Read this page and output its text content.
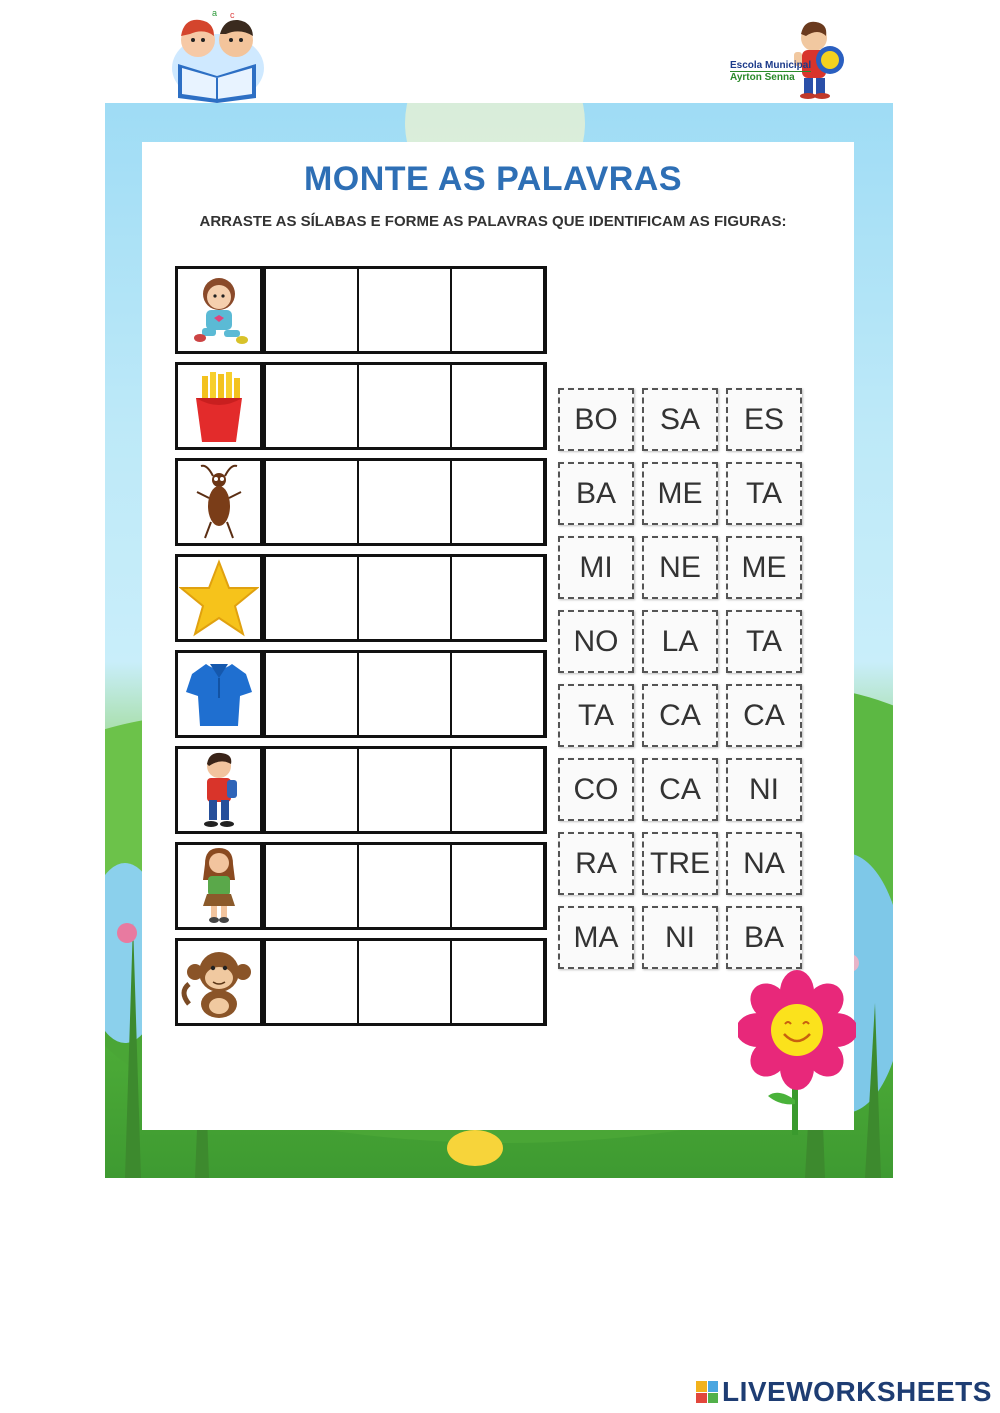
a c
Escola Municipal
Ayrton Senna
MONTE AS PALAVRAS
ARRASTE AS SÍLABAS E FORME AS PALAVRAS QUE IDENTIFICAM AS FIGURAS:
BO	SA	ES
BA	ME	TA
MI	NE	ME
NO	LA	TA
TA	CA	CA
CO	CA	NI
RA	TRE	NA
MA	NI	BA
LIVEWORKSHEETS
